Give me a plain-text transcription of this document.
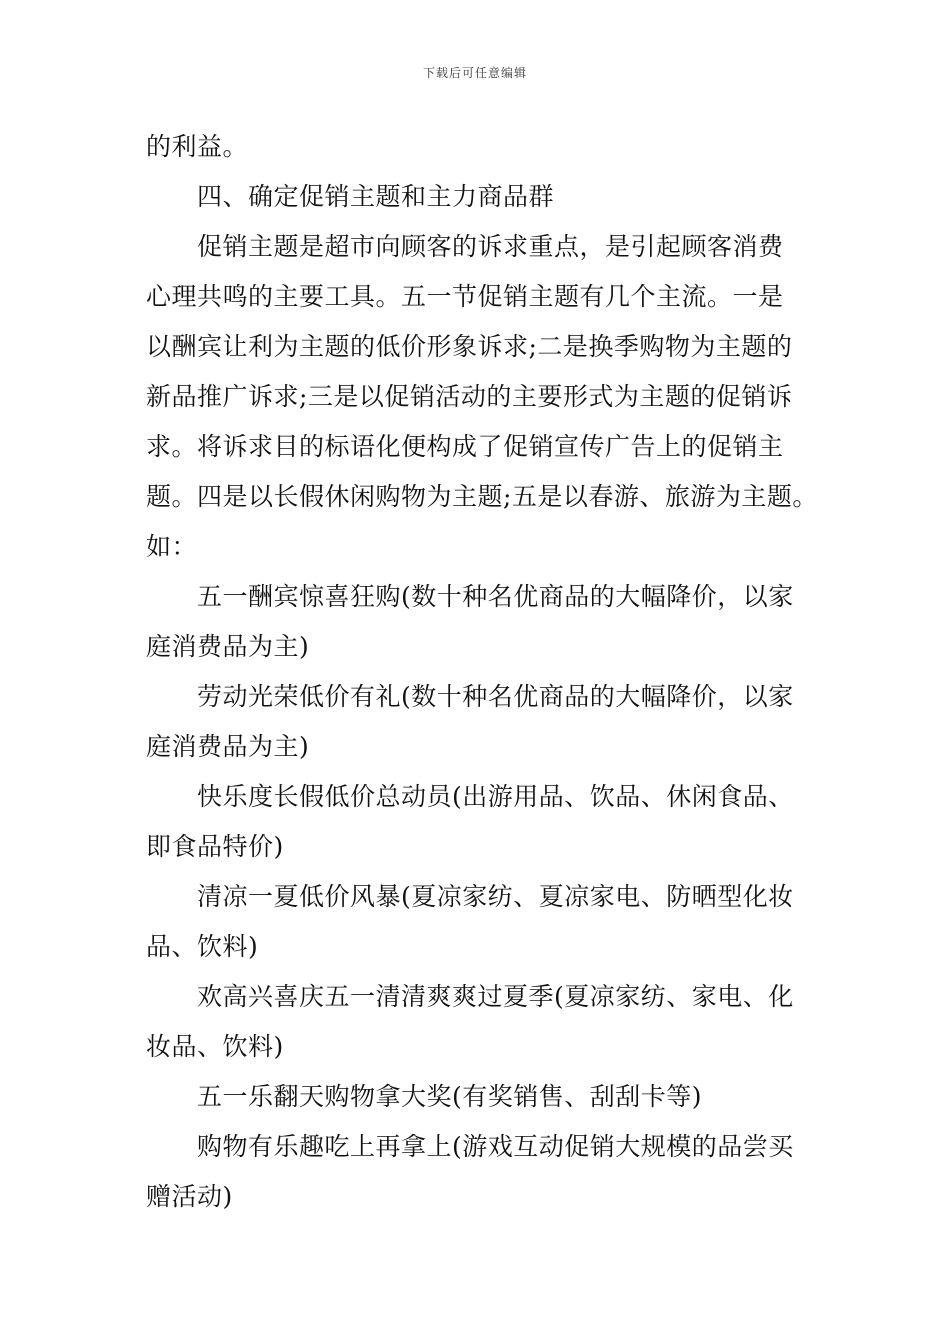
下载后可任意编辑
的利益。
四、确定促销主题和主力商品群
促销主题是超市向顾客的诉求重点，是引起顾客消费
心理共鸣的主要工具。五一节促销主题有几个主流。一是
以酬宾让利为主题的低价形象诉求;二是换季购物为主题的
新品推广诉求;三是以促销活动的主要形式为主题的促销诉
求。将诉求目的标语化便构成了促销宣传广告上的促销主
题。四是以长假休闲购物为主题;五是以春游、旅游为主题。
如：
五一酬宾惊喜狂购(数十种名优商品的大幅降价，以家
庭消费品为主)
劳动光荣低价有礼(数十种名优商品的大幅降价，以家
庭消费品为主)
快乐度长假低价总动员(出游用品、饮品、休闲食品、
即食品特价)
清凉一夏低价风暴(夏凉家纺、夏凉家电、防晒型化妆
品、饮料)
欢高兴喜庆五一清清爽爽过夏季(夏凉家纺、家电、化
妆品、饮料)
五一乐翻天购物拿大奖(有奖销售、刮刮卡等)
购物有乐趣吃上再拿上(游戏互动促销大规模的品尝买
赠活动)
